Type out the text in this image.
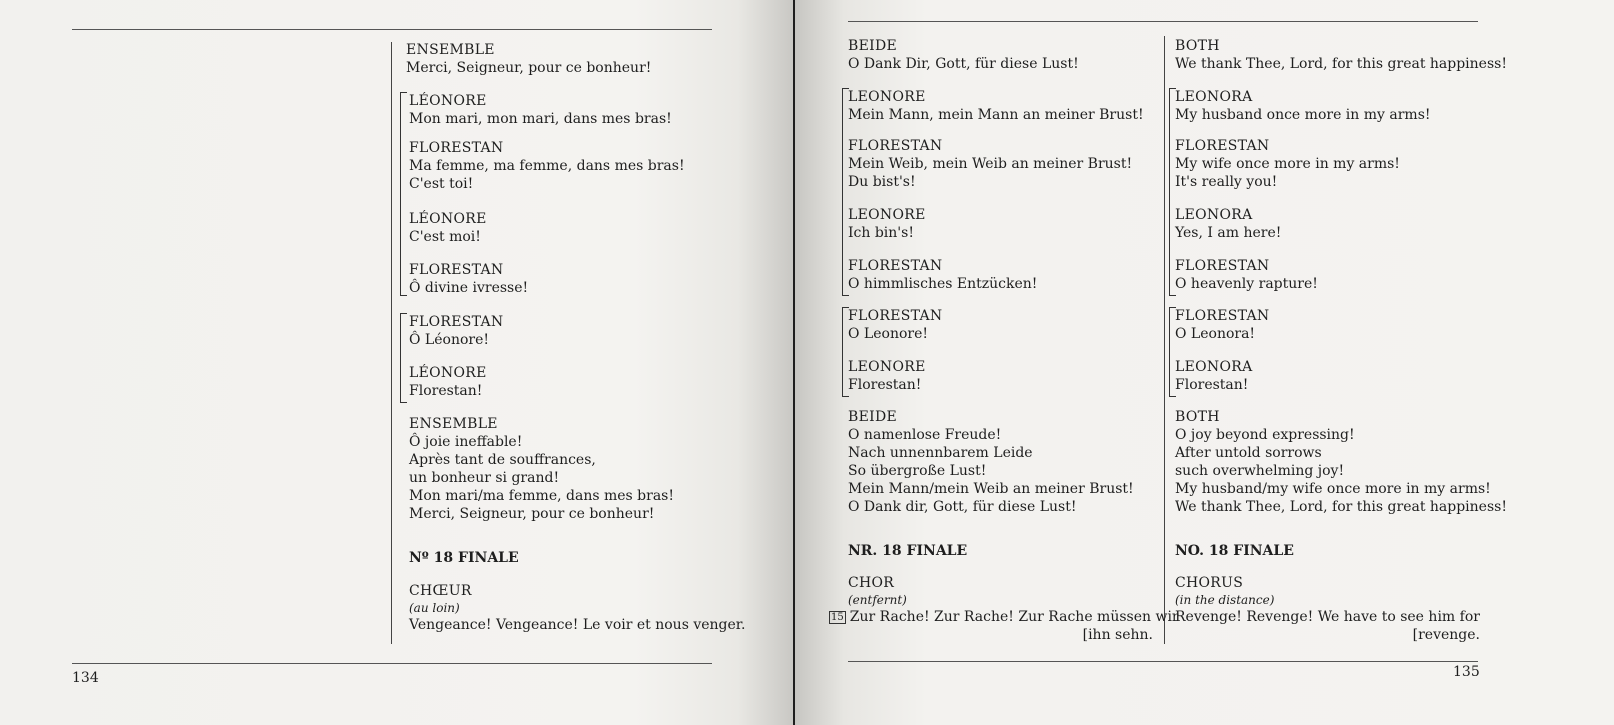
ENSEMBLE
Merci, Seigneur, pour ce bonheur!
LÉONORE
Mon mari, mon mari, dans mes bras!
FLORESTAN
Ma femme, ma femme, dans mes bras!
C'est toi!
LÉONORE
C'est moi!
FLORESTAN
Ô divine ivresse!
FLORESTAN
Ô Léonore!
LÉONORE
Florestan!
ENSEMBLE
Ô joie ineffable!
Après tant de souffrances,
un bonheur si grand!
Mon mari/ma femme, dans mes bras!
Merci, Seigneur, pour ce bonheur!
Nº 18 FINALE
CHŒUR
(au loin)
Vengeance! Vengeance! Le voir et nous venger.
134
BEIDE
O Dank Dir, Gott, für diese Lust!
LEONORE
Mein Mann, mein Mann an meiner Brust!
FLORESTAN
Mein Weib, mein Weib an meiner Brust!
Du bist's!
LEONORE
Ich bin's!
FLORESTAN
O himmlisches Entzücken!
FLORESTAN
O Leonore!
LEONORE
Florestan!
BEIDE
O namenlose Freude!
Nach unnennbarem Leide
So übergroße Lust!
Mein Mann/mein Weib an meiner Brust!
O Dank dir, Gott, für diese Lust!
NR. 18 FINALE
CHOR
(entfernt)
15 Zur Rache! Zur Rache! Zur Rache müssen wir
[ihn sehn.
BOTH
We thank Thee, Lord, for this great happiness!
LEONORA
My husband once more in my arms!
FLORESTAN
My wife once more in my arms!
It's really you!
LEONORA
Yes, I am here!
FLORESTAN
O heavenly rapture!
FLORESTAN
O Leonora!
LEONORA
Florestan!
BOTH
O joy beyond expressing!
After untold sorrows
such overwhelming joy!
My husband/my wife once more in my arms!
We thank Thee, Lord, for this great happiness!
NO. 18 FINALE
CHORUS
(in the distance)
Revenge! Revenge! We have to see him for
[revenge.
135
